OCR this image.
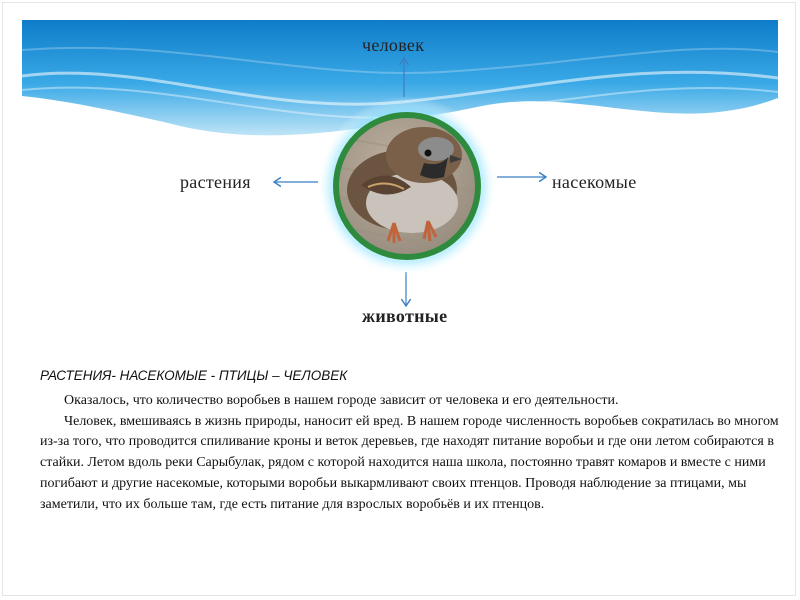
человек
растения	насекомые
животные
РАСТЕНИЯ- НАСЕКОМЫЕ - ПТИЦЫ – ЧЕЛОВЕК

Оказалось, что количество воробьев в нашем городе зависит от человека и его деятельности.

Человек, вмешиваясь в жизнь природы, наносит ей вред. В нашем городе численность воробьев сократилась во многом из-за того, что проводится спиливание кроны и веток деревьев, где находят питание воробьи и где они летом собираются в стайки. Летом вдоль реки Сарыбулак, рядом с которой находится наша школа, постоянно травят комаров и вместе с ними погибают и другие насекомые, которыми воробьи выкармливают своих птенцов. Проводя наблюдение за птицами, мы заметили, что их больше там, где есть питание для взрослых воробьёв и их птенцов.
